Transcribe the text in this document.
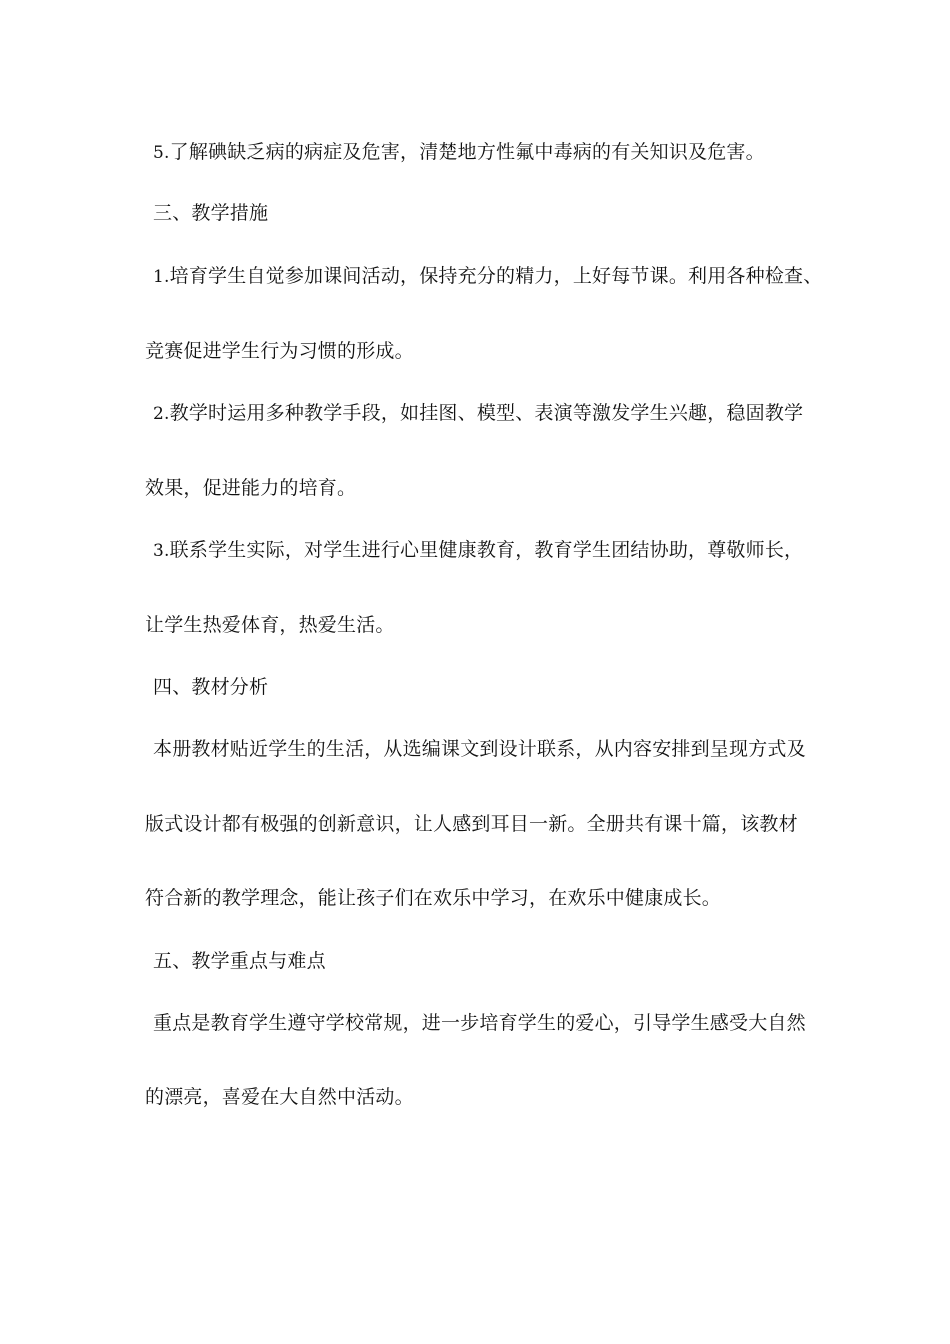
5.了解碘缺乏病的病症及危害，清楚地方性氟中毒病的有关知识及危害。
三、教学措施
1.培育学生自觉参加课间活动，保持充分的精力，上好每节课。利用各种检查、
竞赛促进学生行为习惯的形成。
2.教学时运用多种教学手段，如挂图、模型、表演等激发学生兴趣，稳固教学
效果，促进能力的培育。
3.联系学生实际，对学生进行心里健康教育，教育学生团结协助，尊敬师长，
让学生热爱体育，热爱生活。
四、教材分析
本册教材贴近学生的生活，从选编课文到设计联系，从内容安排到呈现方式及
版式设计都有极强的创新意识，让人感到耳目一新。全册共有课十篇，该教材
符合新的教学理念，能让孩子们在欢乐中学习，在欢乐中健康成长。
五、教学重点与难点
重点是教育学生遵守学校常规，进一步培育学生的爱心，引导学生感受大自然
的漂亮，喜爱在大自然中活动。
